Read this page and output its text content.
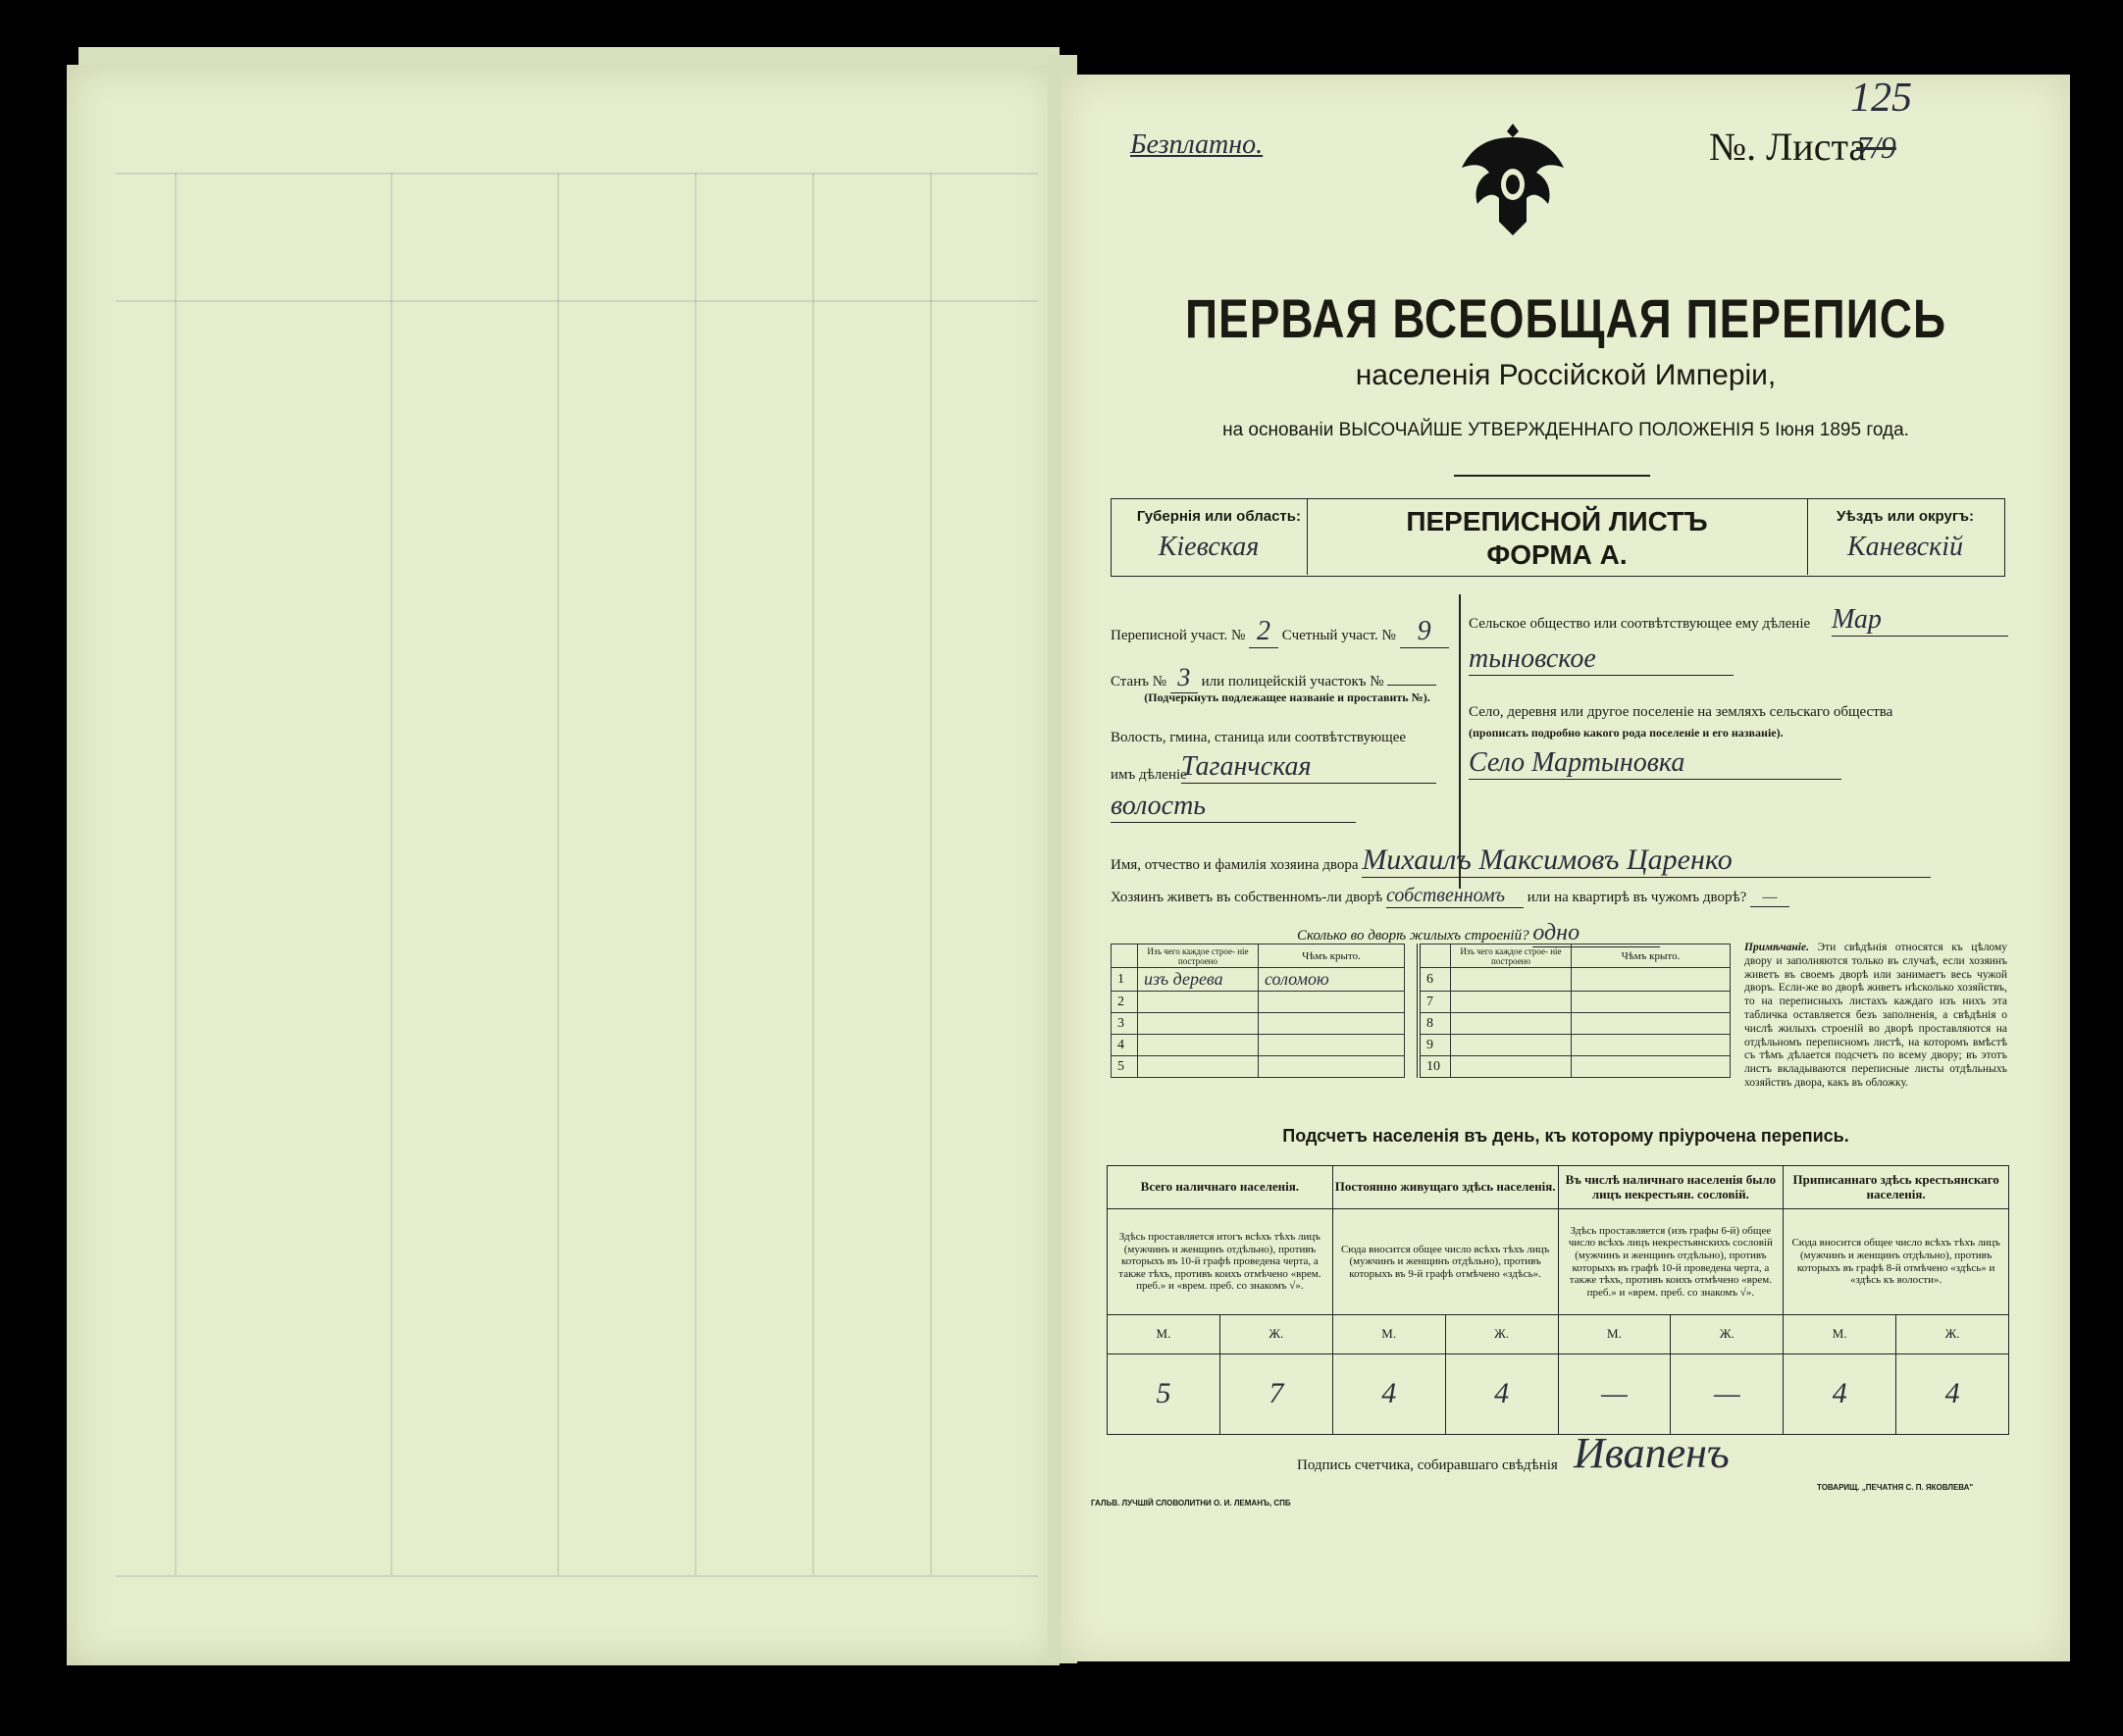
Безплатно.	№. Листа
7/9
125
ПЕРВАЯ ВСЕОБЩАЯ ПЕРЕПИСЬ
населенія Россійской Имперіи,
на основаніи ВЫСОЧАЙШЕ УТВЕРЖДЕННАГО ПОЛОЖЕНІЯ 5 Іюня 1895 года.
Губернія или область:
Кіевская
ПЕРЕПИСНОЙ ЛИСТЪ
ФОРМА А.
Уѣздъ или округъ:
Каневскій
Переписной участ. № 2 Счетный участ. № 9
Станъ № 3 или полицейскій участокъ №
(Подчеркнуть подлежащее названіе и проставить №).
Волость, гмина, станица или соотвѣтствующее
имъ дѣленіе
Таганчская
волость
Сельское общество или соотвѣтствующее ему дѣленіе Мар
тыновское
Село, деревня или другое поселеніе на земляхъ сельскаго общества
(прописать подробно какого рода поселеніе и его названіе).
Село Мартыновка
Имя, отчество и фамилія хозяина двора Михаилъ Максимовъ Царенко
Хозяинъ живетъ въ собственномъ-ли дворѣ собственномъ или на квартирѣ въ чужомъ дворѣ? —
Сколько во дворѣ жилыхъ строеній? одно
	Изъ чего каждое строе- ніе построено	Чѣмъ крыто.
1	изъ дерева	соломою
2		
3		
4		
5		
	Изъ чего каждое строе- ніе построено	Чѣмъ крыто.
6		
7		
8		
9		
10		
Примѣчаніе. Эти свѣдѣнія относятся къ цѣлому двору и заполняются только въ случаѣ, если хозяинъ живетъ въ своемъ дворѣ или занимаетъ весь чужой дворъ. Если-же во дворѣ живетъ нѣсколько хозяйствъ, то на переписныхъ листахъ каждаго изъ нихъ эта табличка оставляется безъ заполненія, а свѣдѣнія о числѣ жилыхъ строеній во дворѣ проставляются на отдѣльномъ переписномъ листѣ, на которомъ вмѣстѣ съ тѣмъ дѣлается подсчетъ по всему двору; въ этотъ листъ вкладываются переписные листы отдѣльныхъ хозяйствъ двора, какъ въ обложку.
Подсчетъ населенія въ день, къ которому пріурочена перепись.
Всего наличнаго населенія.		Постоянно живущаго здѣсь населенія.		Въ числѣ наличнаго населенія было лицъ некрестьян. сословій.		Приписаннаго здѣсь крестьянскаго населенія.	
Здѣсь проставляется итогъ всѣхъ тѣхъ лицъ (мужчинъ и женщинъ отдѣльно), противъ которыхъ въ 10-й графѣ проведена черта, а также тѣхъ, противъ коихъ отмѣчено «врем. преб.» и «врем. преб. со знакомъ √».		Сюда вносится общее число всѣхъ тѣхъ лицъ (мужчинъ и женщинъ отдѣльно), противъ которыхъ въ 9-й графѣ отмѣчено «здѣсь».		Здѣсь проставляется (изъ графы 6-й) общее число всѣхъ лицъ некрестьянскихъ сословій (мужчинъ и женщинъ отдѣльно), противъ которыхъ въ графѣ 10-й проведена черта, а также тѣхъ, противъ коихъ отмѣчено «врем. преб.» и «врем. преб. со знакомъ √».		Сюда вносится общее число всѣхъ тѣхъ лицъ (мужчинъ и женщинъ отдѣльно), противъ которыхъ въ графѣ 8-й отмѣчено «здѣсь» и «здѣсь къ волости».	
М.	Ж.	М.	Ж.	М.	Ж.	М.	Ж.
5	7	4	4	—	—	4	4
Подпись счетчика, собиравшаго свѣдѣнія Ивапенъ
ГАЛЬВ. ЛУЧШІЙ СЛОВОЛИТНИ О. И. ЛЕМАНЪ, СПБ
ТОВАРИЩ. „ПЕЧАТНЯ С. П. ЯКОВЛЕВА"
